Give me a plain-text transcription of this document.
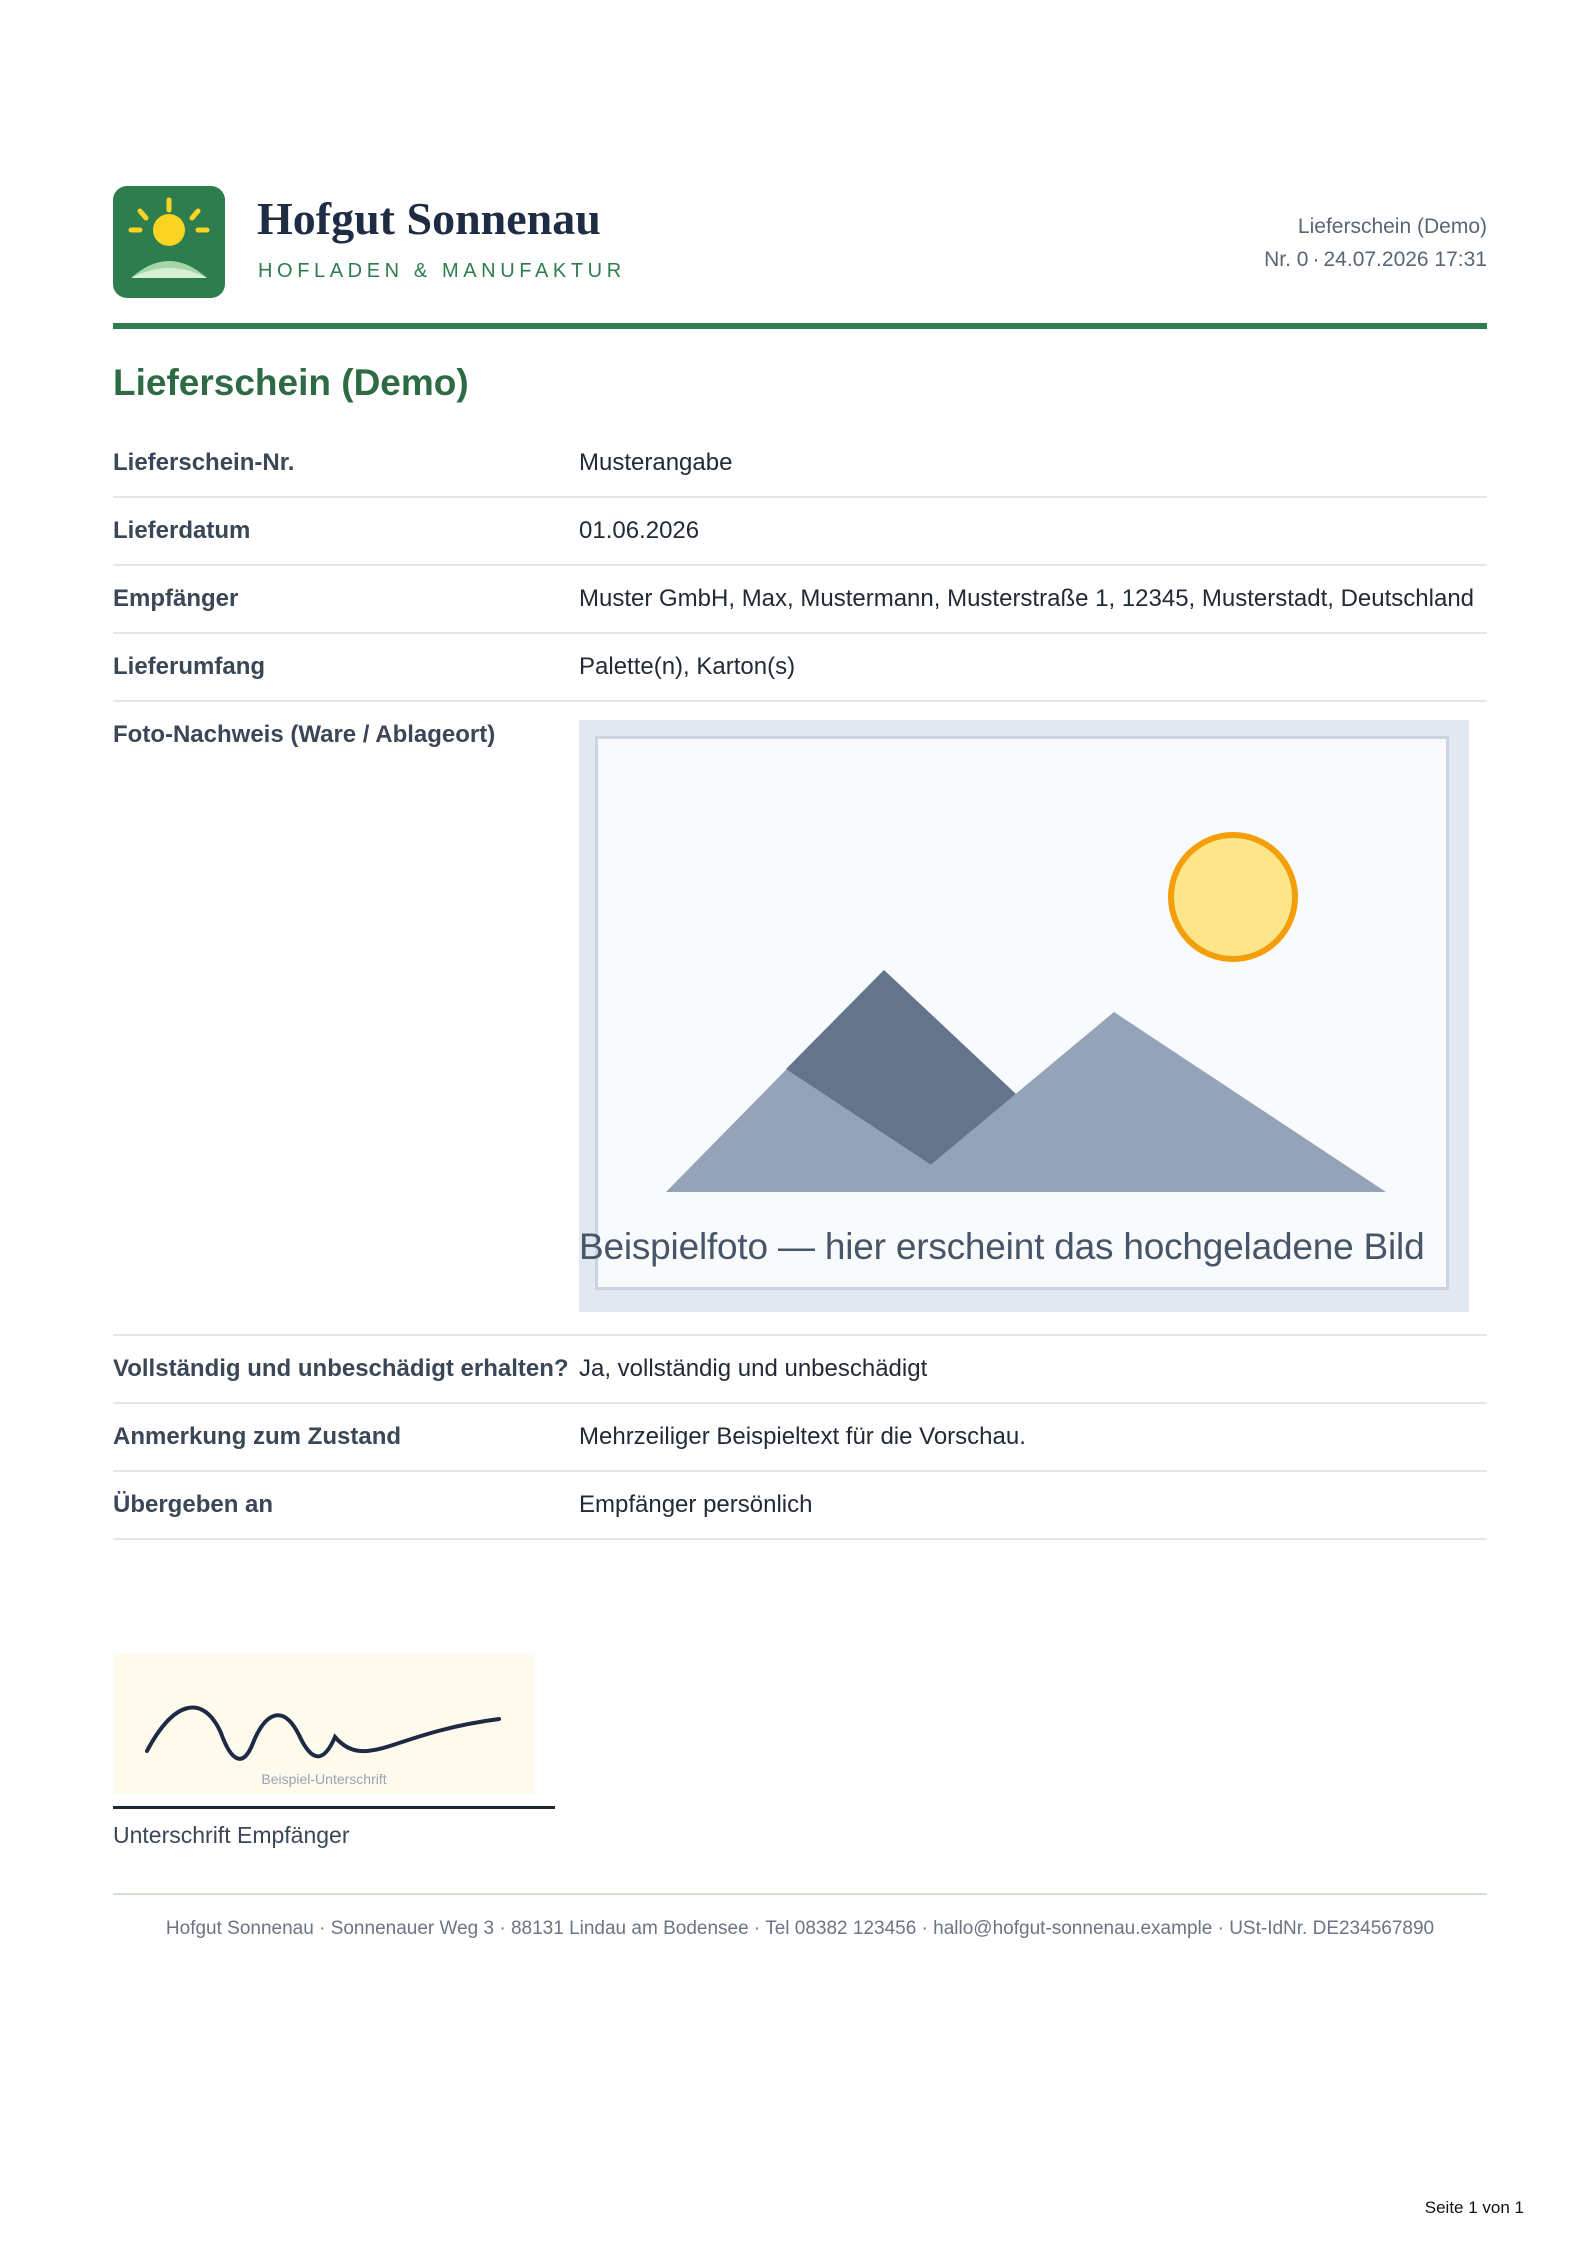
Hofgut Sonnenau
HOFLADEN & MANUFAKTUR
Lieferschein (Demo)
Nr. 0 · 24.07.2026 17:31
Lieferschein (Demo)
Lieferschein-Nr.	Musterangabe
Lieferdatum	01.06.2026
Empfänger	Muster GmbH, Max, Mustermann, Musterstraße 1, 12345, Musterstadt, Deutschland
Lieferumfang	Palette(n), Karton(s)
Foto-Nachweis (Ware / Ablageort)
Beispielfoto — hier erscheint das hochgeladene Bild
Vollständig und unbeschädigt erhalten? Ja, vollständig und unbeschädigt
Anmerkung zum Zustand	Mehrzeiliger Beispieltext für die Vorschau.
Übergeben an	Empfänger persönlich
Beispiel-Unterschrift
Unterschrift Empfänger
Hofgut Sonnenau · Sonnenauer Weg 3 · 88131 Lindau am Bodensee · Tel 08382 123456 · hallo@hofgut-sonnenau.example · USt-IdNr. DE234567890
Seite 1 von 1
